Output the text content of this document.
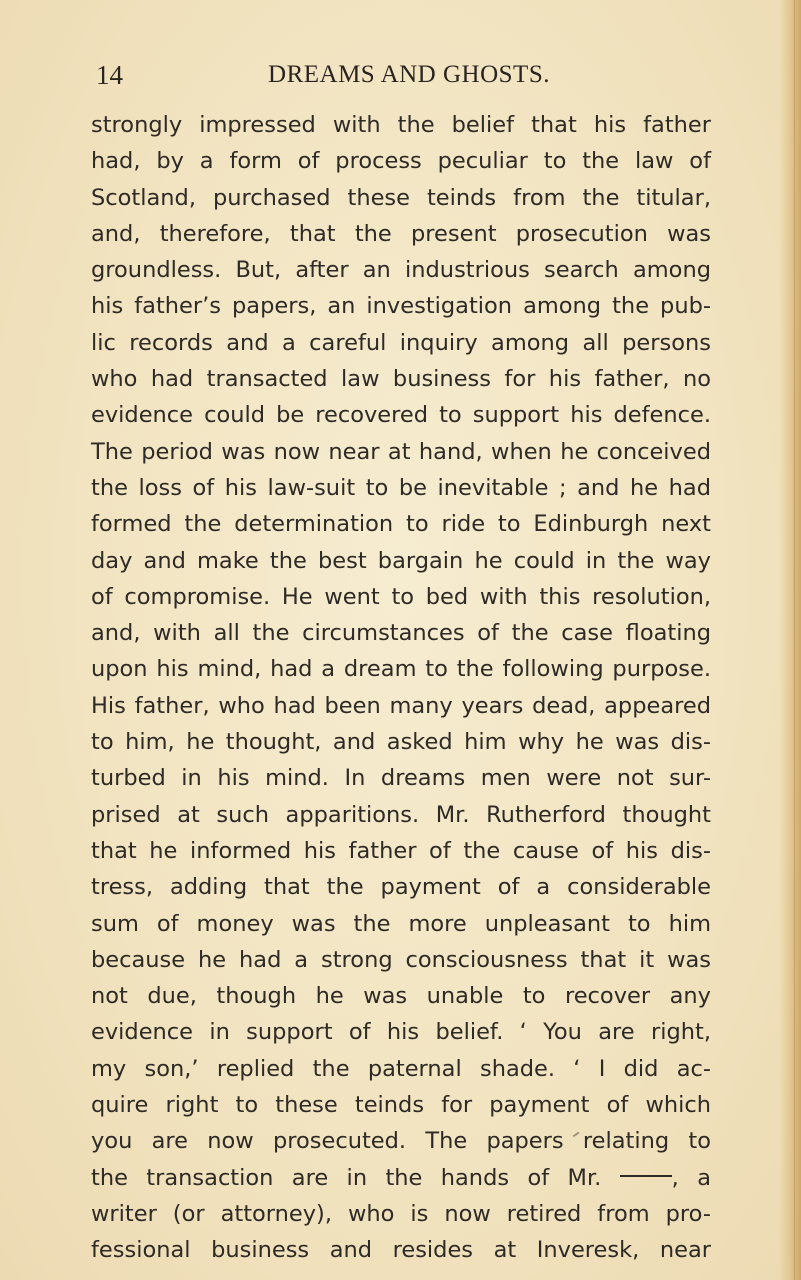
14	DREAMS AND GHOSTS.
strongly impressed with the belief that his father
had, by a form of process peculiar to the law of
Scotland, purchased these teinds from the titular,
and, therefore, that the present prosecution was
groundless. But, after an industrious search among
his father’s papers, an investigation among the pub-
lic records and a careful inquiry among all persons
who had transacted law business for his father, no
evidence could be recovered to support his defence.
The period was now near at hand, when he conceived
the loss of his law-suit to be inevitable ; and he had
formed the determination to ride to Edinburgh next
day and make the best bargain he could in the way
of compromise. He went to bed with this resolution,
and, with all the circumstances of the case floating
upon his mind, had a dream to the following purpose.
His father, who had been many years dead, appeared
to him, he thought, and asked him why he was dis-
turbed in his mind. In dreams men were not sur-
prised at such apparitions. Mr. Rutherford thought
that he informed his father of the cause of his dis-
tress, adding that the payment of a considerable
sum of money was the more unpleasant to him
because he had a strong consciousness that it was
not due, though he was unable to recover any
evidence in support of his belief. ‘ You are right,
my son,’ replied the paternal shade. ‘ I did ac-
quire right to these teinds for payment of which
you are now prosecuted. The papers relating to
the transaction are in the hands of Mr.	, a
writer (or attorney), who is now retired from pro-
fessional business and resides at Inveresk, near
